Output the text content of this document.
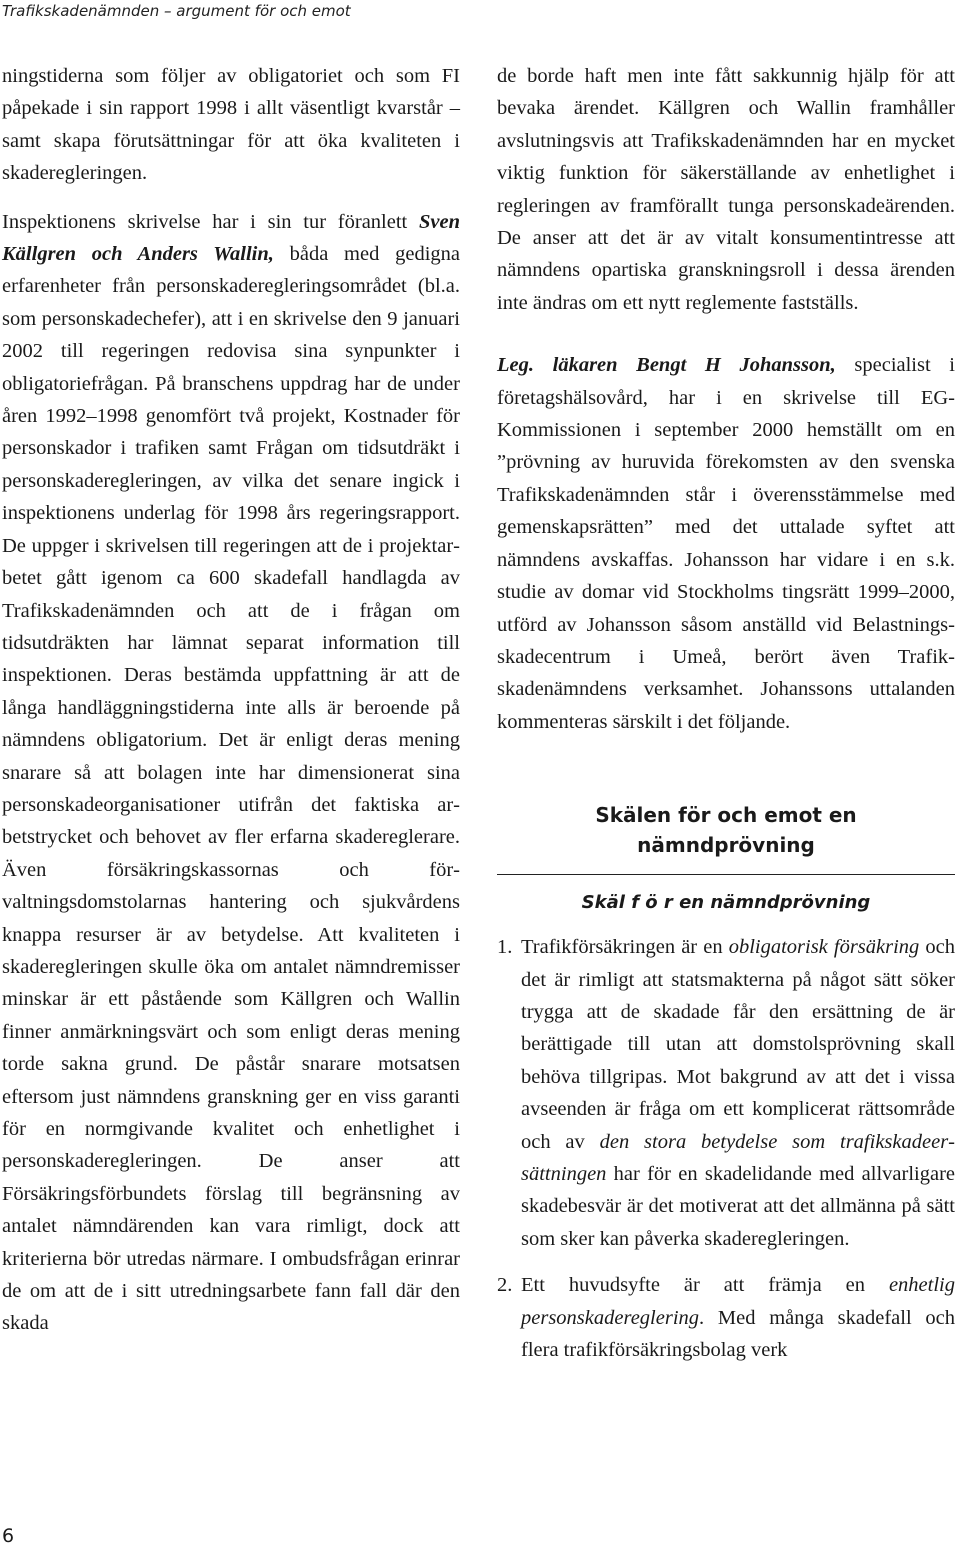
Trafikskadenämnden – argument för och emot

ningstiderna som följer av obligatoriet och som FI påpekade i sin rapport 1998 i allt väsentligt kvarstår – samt skapa förutsättningar för att öka kvaliteten i skaderegleringen.

Inspektionens skrivelse har i sin tur föranlett Sven Källgren och Anders Wallin, båda med gedigna erfarenheter från personskaderegleringsområdet (bl.a. som personskadechefer), att i en skrivelse den 9 januari 2002 till regeringen redovisa sina synpunkter i obligatoriefrågan. På branschens uppdrag har de under åren 1992–1998 genomfört två projekt, Kostnader för personskador i trafiken samt Frågan om tidsutdräkt i personskaderegleringen, av vilka det senare ingick i inspektionens underlag för 1998 års regeringsrapport. De uppger i skrivelsen till regeringen att de i projektarbetet gått igenom ca 600 skadefall handlagda av Trafikskadenämnden och att de i frågan om tidsutdräkten har lämnat separat information till inspektionen. Deras bestämda uppfattning är att de långa handläggningstiderna inte alls är beroende på nämndens obligatorium. Det är enligt deras mening snarare så att bolagen inte har dimensionerat sina personskadeorganisationer utifrån det faktiska arbetstrycket och behovet av fler erfarna skadereglerare. Även försäkringskassornas och förvaltningsdomstolarnas hantering och sjukvårdens knappa resurser är av betydelse. Att kvaliteten i skaderegleringen skulle öka om antalet nämndremisser minskar är ett påstående som Källgren och Wallin finner anmärkningsvärt och som enligt deras mening torde sakna grund. De påstår snarare motsatsen eftersom just nämndens granskning ger en viss garanti för en normgivande kvalitet och enhetlighet i personskaderegleringen. De anser att Försäkringsförbundets förslag till begränsning av antalet nämndärenden kan vara rimligt, dock att kriterierna bör utredas närmare. I ombudsfrågan erinrar de om att de i sitt utredningsarbete fann fall där den skada

de borde haft men inte fått sakkunnig hjälp för att bevaka ärendet. Källgren och Wallin framhåller avslutningsvis att Trafikskadenämnden har en mycket viktig funktion för säkerställande av enhetlighet i regleringen av framförallt tunga personskadeärenden. De anser att det är av vitalt konsumentintresse att nämndens opartiska granskningsroll i dessa ärenden inte ändras om ett nytt reglemente fastställs.

Leg. läkaren Bengt H Johansson, specialist i företagshälsovård, har i en skrivelse till EG-Kommissionen i september 2000 hemställt om en ”prövning av huruvida förekomsten av den svenska Trafikskadenämnden står i överensstämmelse med gemenskapsrätten” med det uttalade syftet att nämndens avskaffas. Johansson har vidare i en s.k. studie av domar vid Stockholms tingsrätt 1999–2000, utförd av Johansson såsom anställd vid Belastningsskadecentrum i Umeå, berört även Trafikskadenämndens verksamhet. Johanssons uttalanden kommenteras särskilt i det följande.

Skälen för och emot en
nämndprövning
Skäl f ö r en nämndprövning
1. Trafikförsäkringen är en obligatorisk försäkring och det är rimligt att statsmakterna på något sätt söker trygga att de skadade får den ersättning de är berättigade till utan att domstolsprövning skall behöva tillgripas. Mot bakgrund av att det i vissa avseenden är fråga om ett komplicerat rättsområde och av den stora betydelse som trafikskadeersättningen har för en skadelidande med allvarligare skadebesvär är det motiverat att det allmänna på sätt som sker kan påverka skaderegleringen.
2. Ett huvudsyfte är att främja en enhetlig personskadereglering. Med många skadefall och flera trafikförsäkringsbolag verk
6
